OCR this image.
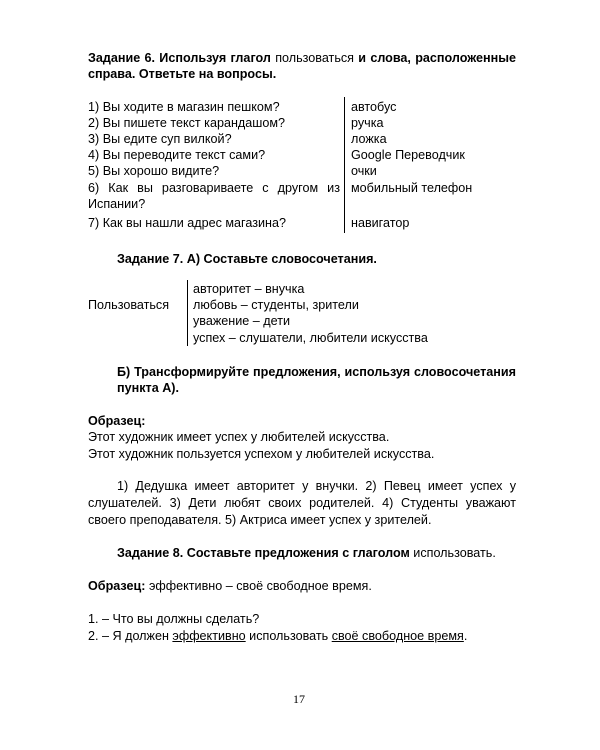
Задание 6. Используя глагол пользоваться и слова, расположенные справа. Ответьте на вопросы.
1) Вы ходите в магазин пешком?
2) Вы пишете текст карандашом?
3) Вы едите суп вилкой?
4) Вы переводите текст сами?
5) Вы хорошо видите?
6) Как вы разговариваете с другом из Испании?
7) Как вы нашли адрес магазина?
автобус
ручка
ложка
Google Переводчик
очки
мобильный телефон
навигатор
Задание 7. А) Составьте словосочетания.
Пользоваться
авторитет – внучка
любовь – студенты, зрители
уважение – дети
успех – слушатели, любители искусства
Б) Трансформируйте предложения, используя словосочетания пункта А).
Образец:
Этот художник имеет успех у любителей искусства.
Этот художник пользуется успехом у любителей искусства.
1) Дедушка имеет авторитет у внучки. 2) Певец имеет успех у слушателей. 3) Дети любят своих родителей. 4) Студенты уважают своего преподавателя. 5) Актриса имеет успех у зрителей.
Задание 8. Составьте предложения с глаголом использовать.
Образец: эффективно – своё свободное время.
1. – Что вы должны сделать?
2. – Я должен эффективно использовать своё свободное время.
17
